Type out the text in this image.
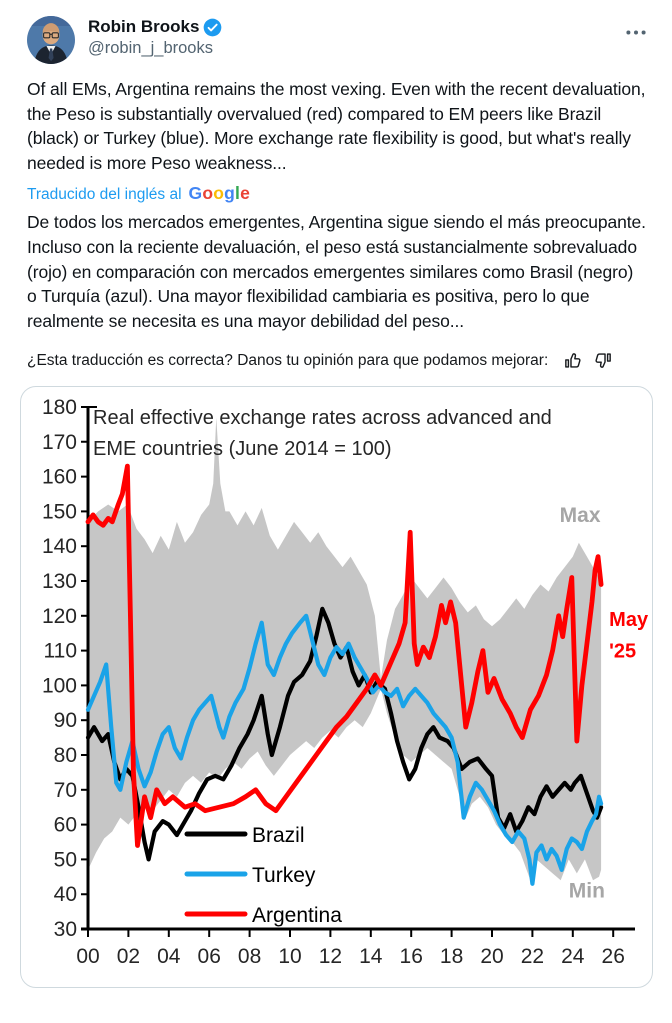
Robin Brooks
@robin_j_brooks
Of all EMs, Argentina remains the most vexing. Even with the recent devaluation, the Peso is substantially overvalued (red) compared to EM peers like Brazil (black) or Turkey (blue). More exchange rate flexibility is good, but what's really needed is more Peso weakness...
Traducido del inglés al Google
De todos los mercados emergentes, Argentina sigue siendo el más preocupante. Incluso con la reciente devaluación, el peso está sustancialmente sobrevaluado (rojo) en comparación con mercados emergentes similares como Brasil (negro) o Turquía (azul). Una mayor flexibilidad cambiaria es positiva, pero lo que realmente se necesita es una mayor debilidad del peso...
¿Esta traducción es correcta? Danos tu opinión para que podamos mejorar:
180
170
160
150
140
130
120
110
100
90
80
70
60
50
40
30
00 02 04 06 08 10 12 14 16 18 20 22 24 26
Real effective exchange rates across advanced and
EME countries (June 2014 = 100)
Brazil
Turkey
Argentina
Max
Min
May
'25
